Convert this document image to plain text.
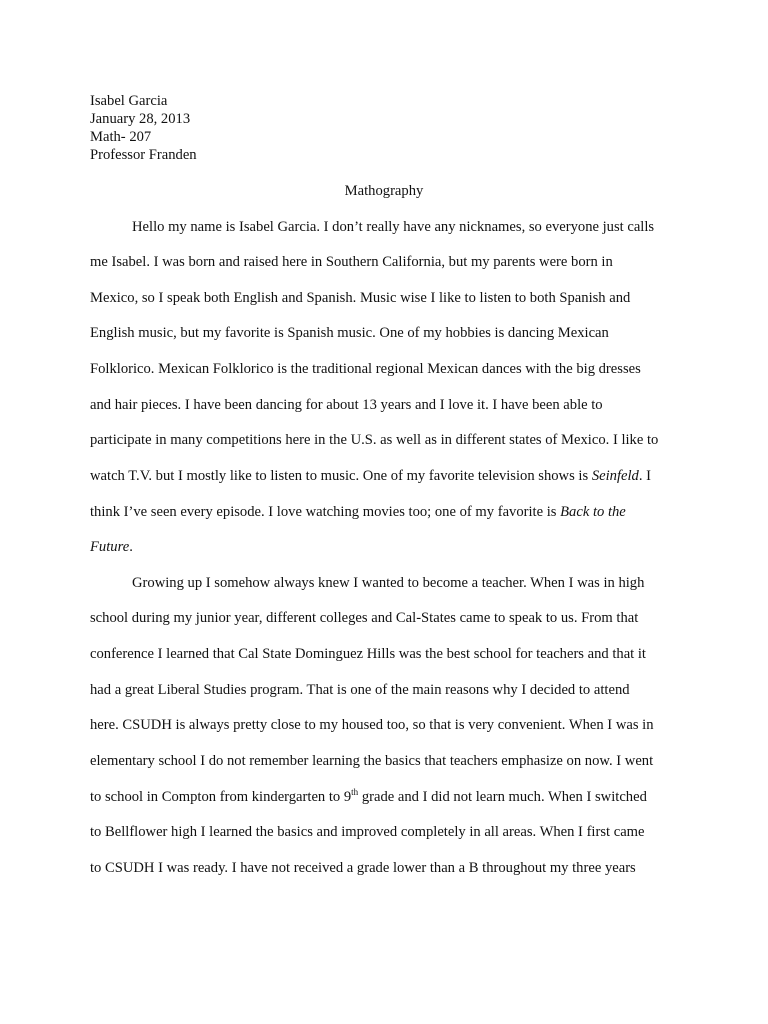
Isabel Garcia
January 28, 2013
Math- 207
Professor Franden
Mathography
Hello my name is Isabel Garcia. I don’t really have any nicknames, so everyone just calls
me Isabel. I was born and raised here in Southern California, but my parents were born in
Mexico, so I speak both English and Spanish. Music wise I like to listen to both Spanish and
English music, but my favorite is Spanish music. One of my hobbies is dancing Mexican
Folklorico. Mexican Folklorico is the traditional regional Mexican dances with the big dresses
and hair pieces. I have been dancing for about 13 years and I love it. I have been able to
participate in many competitions here in the U.S. as well as in different states of Mexico. I like to
watch T.V. but I mostly like to listen to music. One of my favorite television shows is Seinfeld. I
think I’ve seen every episode. I love watching movies too; one of my favorite is Back to the
Future.
Growing up I somehow always knew I wanted to become a teacher. When I was in high
school during my junior year, different colleges and Cal-States came to speak to us. From that
conference I learned that Cal State Dominguez Hills was the best school for teachers and that it
had a great Liberal Studies program. That is one of the main reasons why I decided to attend
here. CSUDH is always pretty close to my housed too, so that is very convenient. When I was in
elementary school I do not remember learning the basics that teachers emphasize on now. I went
to school in Compton from kindergarten to 9th grade and I did not learn much. When I switched
to Bellflower high I learned the basics and improved completely in all areas. When I first came
to CSUDH I was ready. I have not received a grade lower than a B throughout my three years
